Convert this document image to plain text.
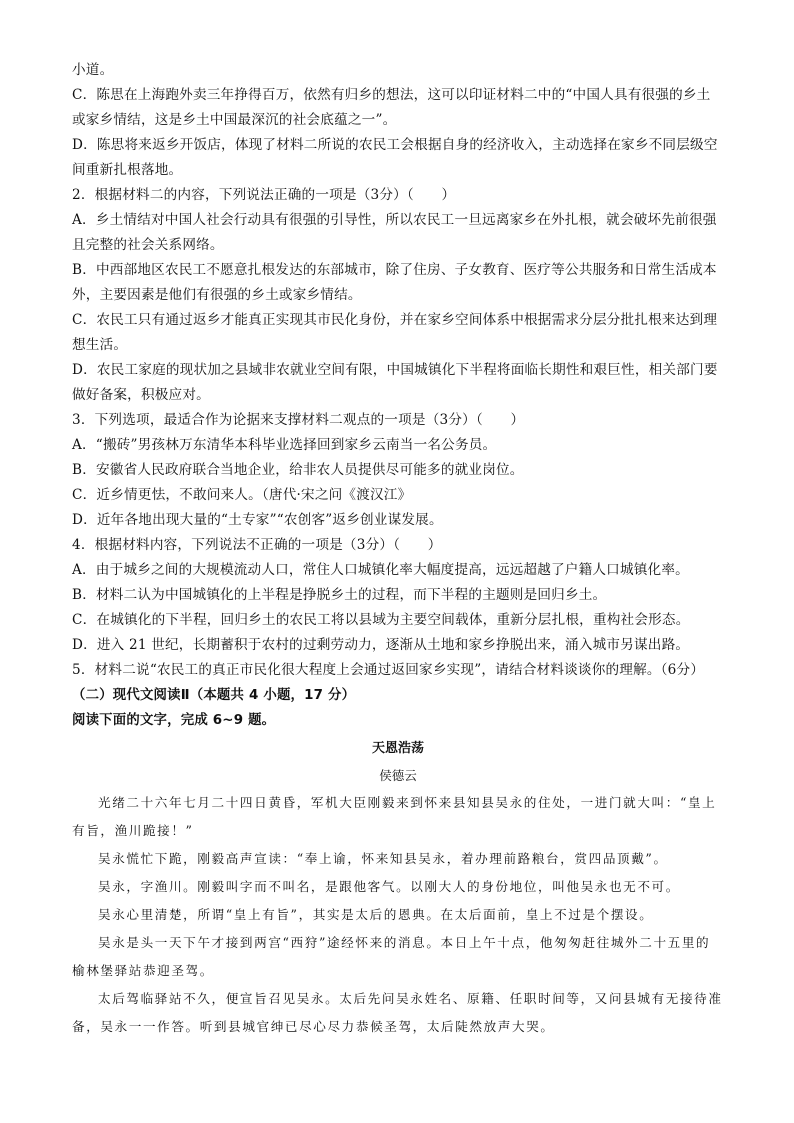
小道。
C．陈思在上海跑外卖三年挣得百万，依然有归乡的想法，这可以印证材料二中的“中国人具有很强的乡土
或家乡情结，这是乡土中国最深沉的社会底蕴之一”。
D．陈思将来返乡开饭店，体现了材料二所说的农民工会根据自身的经济收入，主动选择在家乡不同层级空
间重新扎根落地。
2．根据材料二的内容，下列说法正确的一项是（3分）（　　）
A．乡土情结对中国人社会行动具有很强的引导性，所以农民工一旦远离家乡在外扎根，就会破坏先前很强
且完整的社会关系网络。
B．中西部地区农民工不愿意扎根发达的东部城市，除了住房、子女教育、医疗等公共服务和日常生活成本
外，主要因素是他们有很强的乡土或家乡情结。
C．农民工只有通过返乡才能真正实现其市民化身份，并在家乡空间体系中根据需求分层分批扎根来达到理
想生活。
D．农民工家庭的现状加之县域非农就业空间有限，中国城镇化下半程将面临长期性和艰巨性，相关部门要
做好备案，积极应对。
3．下列选项，最适合作为论据来支撑材料二观点的一项是（3分）（　　）
A．“搬砖”男孩林万东清华本科毕业选择回到家乡云南当一名公务员。
B．安徽省人民政府联合当地企业，给非农人员提供尽可能多的就业岗位。
C．近乡情更怯，不敢问来人。（唐代·宋之问《渡汉江》
D．近年各地出现大量的“土专家”“农创客”返乡创业谋发展。
4．根据材料内容，下列说法不正确的一项是（3分）（　　）
A．由于城乡之间的大规模流动人口，常住人口城镇化率大幅度提高，远远超越了户籍人口城镇化率。
B．材料二认为中国城镇化的上半程是挣脱乡土的过程，而下半程的主题则是回归乡土。
C．在城镇化的下半程，回归乡土的农民工将以县域为主要空间载体，重新分层扎根，重构社会形态。
D．进入 21 世纪，长期蓄积于农村的过剩劳动力，逐渐从土地和家乡挣脱出来，涌入城市另谋出路。
5．材料二说“农民工的真正市民化很大程度上会通过返回家乡实现”，请结合材料谈谈你的理解。（6分）
（二）现代文阅读Ⅱ（本题共 4 小题，17 分）
阅读下面的文字，完成 6~9 题。
天恩浩荡
侯德云
光绪二十六年七月二十四日黄昏，军机大臣刚毅来到怀来县知县吴永的住处，一进门就大叫：“皇上
有旨，渔川跪接！”
吴永慌忙下跪，刚毅高声宣读：“奉上谕，怀来知县吴永，着办理前路粮台，赏四品顶戴”。
吴永，字渔川。刚毅叫字而不叫名，是跟他客气。以刚大人的身份地位，叫他吴永也无不可。
吴永心里清楚，所谓“皇上有旨”，其实是太后的恩典。在太后面前，皇上不过是个摆设。
吴永是头一天下午才接到两宫“西狩”途经怀来的消息。本日上午十点，他匆匆赶往城外二十五里的
榆林堡驿站恭迎圣驾。
太后驾临驿站不久，便宣旨召见吴永。太后先问吴永姓名、原籍、任职时间等，又问县城有无接待准
备，吴永一一作答。听到县城官绅已尽心尽力恭候圣驾，太后陡然放声大哭。
